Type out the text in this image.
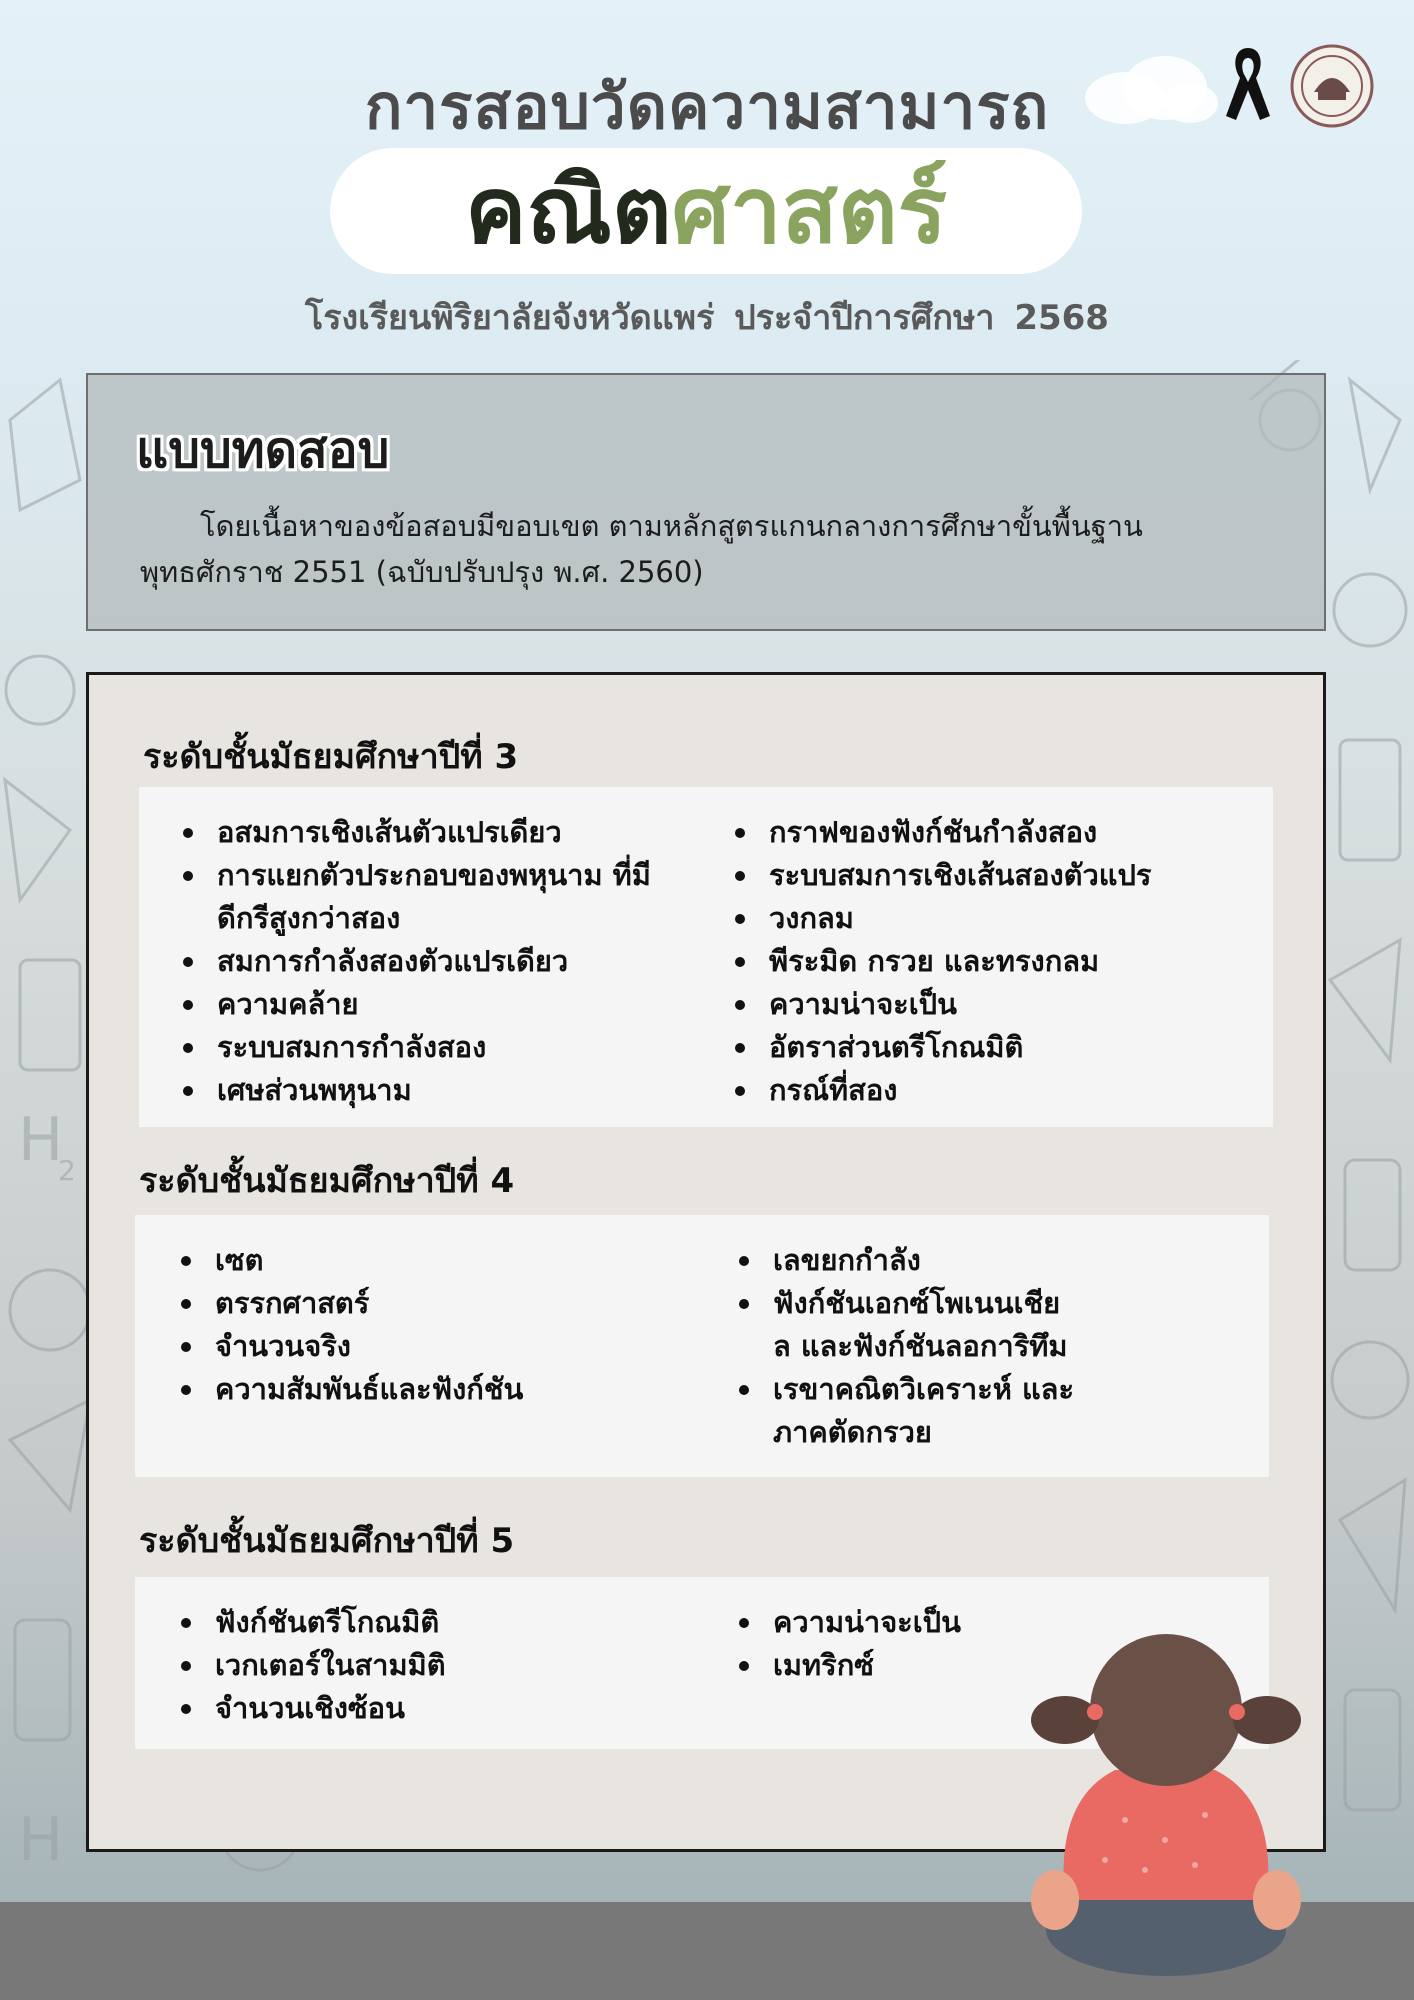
H
2
H
การสอบวัดความสามารถ
คณิตศาสตร์
โรงเรียนพิริยาลัยจังหวัดแพร่ ประจำปีการศึกษา 2568
แบบทดสอบ
โดยเนื้อหาของข้อสอบมีขอบเขต ตามหลักสูตรแกนกลางการศึกษาขั้นพื้นฐาน พุทธศักราช 2551 (ฉบับปรับปรุง พ.ศ. 2560)
ระดับชั้นมัธยมศึกษาปีที่ 3
อสมการเชิงเส้นตัวแปรเดียว
การแยกตัวประกอบของพหุนาม ที่มีดีกรีสูงกว่าสอง
สมการกำลังสองตัวแปรเดียว
ความคล้าย
ระบบสมการกำลังสอง
เศษส่วนพหุนาม
กราฟของฟังก์ชันกำลังสอง
ระบบสมการเชิงเส้นสองตัวแปร
วงกลม
พีระมิด กรวย และทรงกลม
ความน่าจะเป็น
อัตราส่วนตรีโกณมิติ
กรณ์ที่สอง
ระดับชั้นมัธยมศึกษาปีที่ 4
เซต
ตรรกศาสตร์
จำนวนจริง
ความสัมพันธ์และฟังก์ชัน
เลขยกกำลัง
ฟังก์ชันเอกซ์โพเนนเชียล และฟังก์ชันลอการิทึม
เรขาคณิตวิเคราะห์ และภาคตัดกรวย
ระดับชั้นมัธยมศึกษาปีที่ 5
ฟังก์ชันตรีโกณมิติ
เวกเตอร์ในสามมิติ
จำนวนเชิงซ้อน
ความน่าจะเป็น
เมทริกซ์
